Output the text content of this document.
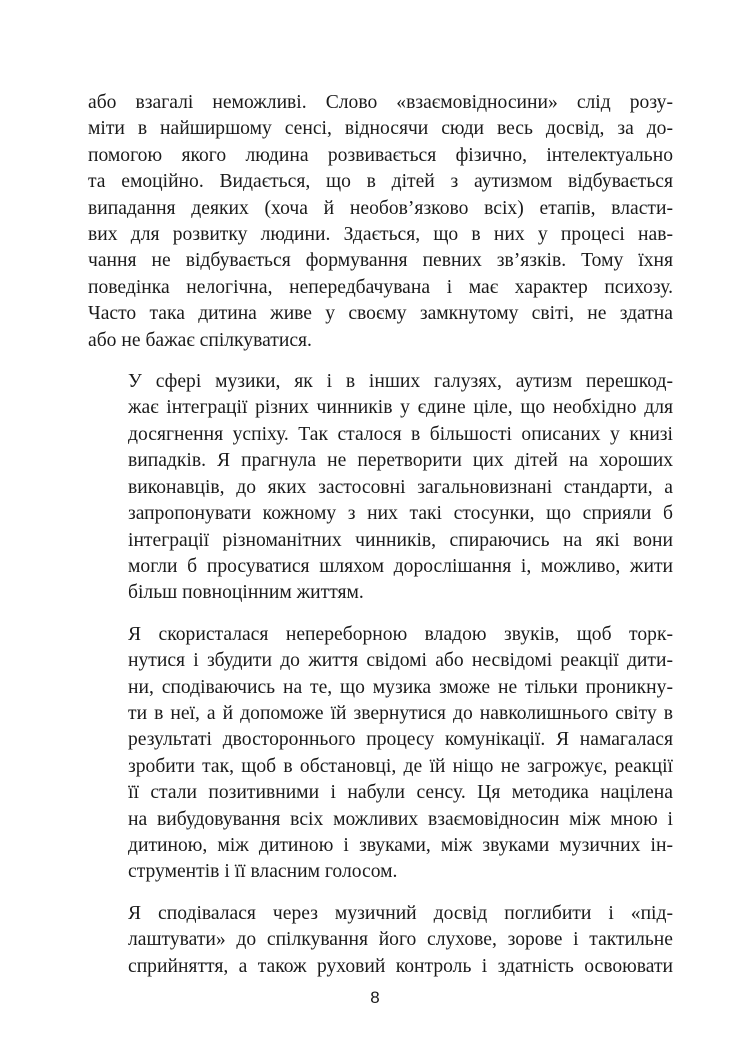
або взагалі неможливі. Слово «взаємовідносини» слід розу-
міти в найширшому сенсі, відносячи сюди весь досвід, за до-
помогою якого людина розвивається фізично, інтелектуально
та емоційно. Видається, що в дітей з аутизмом відбувається
випадання деяких (хоча й необов’язково всіх) етапів, власти-
вих для розвитку людини. Здається, що в них у процесі нав-
чання не відбувається формування певних зв’язків. Тому їхня
поведінка нелогічна, непередбачувана і має характер психозу.
Часто така дитина живе у своєму замкнутому світі, не здатна
або не бажає спілкуватися.

У сфері музики, як і в інших галузях, аутизм перешкод-
жає інтеграції різних чинників у єдине ціле, що необхідно для
досягнення успіху. Так сталося в більшості описаних у книзі
випадків. Я прагнула не перетворити цих дітей на хороших
виконавців, до яких застосовні загальновизнані стандарти, а
запропонувати кожному з них такі стосунки, що сприяли б
інтеграції різноманітних чинників, спираючись на які вони
могли б просуватися шляхом дорослішання і, можливо, жити
більш повноцінним життям.

Я скористалася непереборною владою звуків, щоб торк-
нутися і збудити до життя свідомі або несвідомі реакції дити-
ни, сподіваючись на те, що музика зможе не тільки проникну-
ти в неї, а й допоможе їй звернутися до навколишнього світу в
результаті двостороннього процесу комунікації. Я намагалася
зробити так, щоб в обстановці, де їй ніщо не загрожує, реакції
її стали позитивними і набули сенсу. Ця методика націлена
на вибудовування всіх можливих взаємовідносин між мною і
дитиною, між дитиною і звуками, між звуками музичних ін-
струментів і її власним голосом.

Я сподівалася через музичний досвід поглибити і «під-
лаштувати» до спілкування його слухове, зорове і тактильне
сприйняття, а також руховий контроль і здатність освоювати

8
